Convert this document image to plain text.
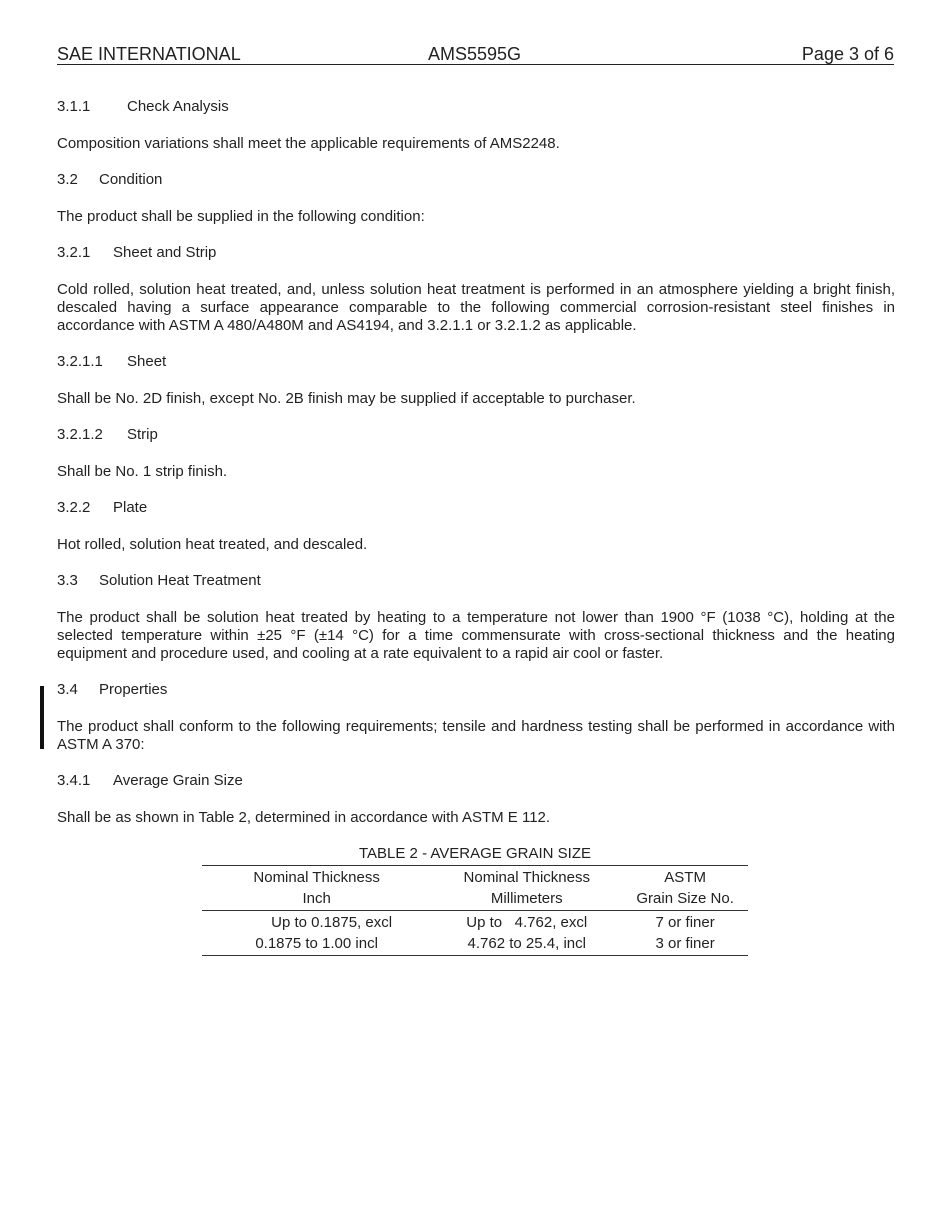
SAE INTERNATIONAL	AMS5595G	Page 3 of 6

3.1.1 Check Analysis

Composition variations shall meet the applicable requirements of AMS2248.

3.2 Condition

The product shall be supplied in the following condition:

3.2.1 Sheet and Strip

Cold rolled, solution heat treated, and, unless solution heat treatment is performed in an atmosphere yielding a bright finish, descaled having a surface appearance comparable to the following commercial corrosion-resistant steel finishes in accordance with ASTM A 480/A480M and AS4194, and 3.2.1.1 or 3.2.1.2 as applicable.

3.2.1.1 Sheet

Shall be No. 2D finish, except No. 2B finish may be supplied if acceptable to purchaser.

3.2.1.2 Strip

Shall be No. 1 strip finish.

3.2.2 Plate

Hot rolled, solution heat treated, and descaled.

3.3 Solution Heat Treatment

The product shall be solution heat treated by heating to a temperature not lower than 1900 °F (1038 °C), holding at the selected temperature within ±25 °F (±14 °C) for a time commensurate with cross-sectional thickness and the heating equipment and procedure used, and cooling at a rate equivalent to a rapid air cool or faster.

3.4 Properties

The product shall conform to the following requirements; tensile and hardness testing shall be performed in accordance with ASTM A 370:

3.4.1 Average Grain Size

Shall be as shown in Table 2, determined in accordance with ASTM E 112.

TABLE 2 - AVERAGE GRAIN SIZE
Nominal Thickness	Nominal Thickness	ASTM
Inch	Millimeters	Grain Size No.
Up to 0.1875, excl	Up to   4.762, excl	7 or finer
0.1875 to 1.00 incl	4.762 to 25.4, incl	3 or finer
